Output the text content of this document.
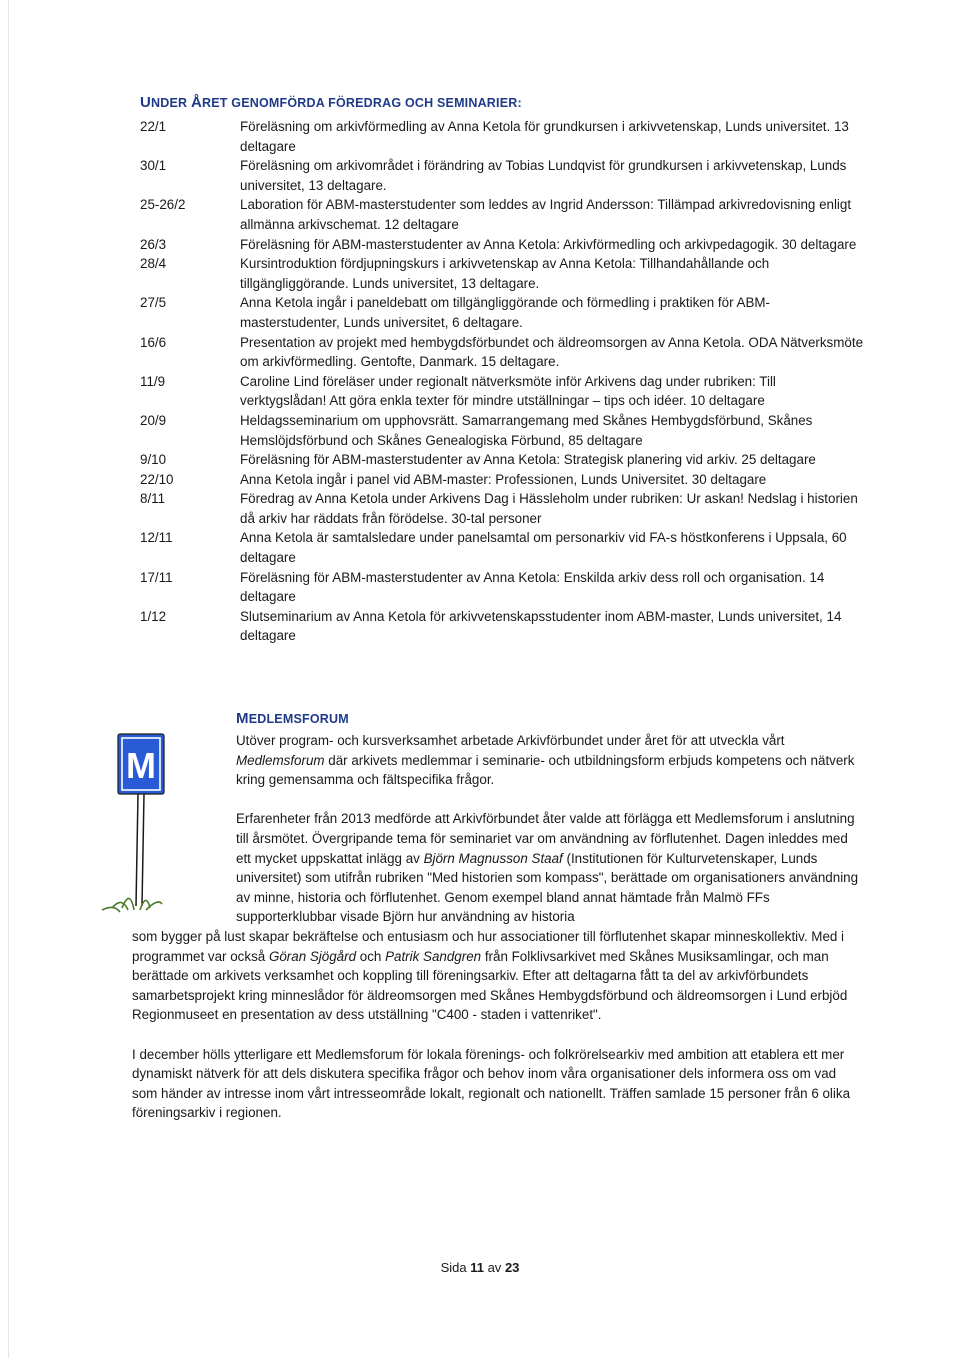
UNDER ÅRET GENOMFÖRDA FÖREDRAG OCH SEMINARIER:
22/1	Föreläsning om arkivförmedling av Anna Ketola för grundkursen i arkivvetenskap, Lunds universitet. 13 deltagare
30/1	Föreläsning om arkivområdet i förändring av Tobias Lundqvist för grundkursen i arkivvetenskap, Lunds universitet, 13 deltagare.
25-26/2	Laboration för ABM-masterstudenter som leddes av Ingrid Andersson: Tillämpad arkivredovisning enligt allmänna arkivschemat. 12 deltagare
26/3	Föreläsning för ABM-masterstudenter av Anna Ketola: Arkivförmedling och arkivpedagogik. 30 deltagare
28/4	Kursintroduktion fördjupningskurs i arkivvetenskap av Anna Ketola: Tillhandahållande och tillgängliggörande. Lunds universitet, 13 deltagare.
27/5	Anna Ketola ingår i paneldebatt om tillgängliggörande och förmedling i praktiken för ABM-masterstudenter, Lunds universitet, 6 deltagare.
16/6	Presentation av projekt med hembygdsförbundet och äldreomsorgen av Anna Ketola. ODA Nätverksmöte om arkivförmedling. Gentofte, Danmark. 15 deltagare.
11/9	Caroline Lind föreläser under regionalt nätverksmöte inför Arkivens dag under rubriken: Till verktygslådan! Att göra enkla texter för mindre utställningar – tips och idéer. 10 deltagare
20/9	Heldagsseminarium om upphovsrätt. Samarrangemang med Skånes Hembygdsförbund, Skånes Hemslöjdsförbund och Skånes Genealogiska Förbund, 85 deltagare
9/10	Föreläsning för ABM-masterstudenter av Anna Ketola: Strategisk planering vid arkiv. 25 deltagare
22/10	Anna Ketola ingår i panel vid ABM-master: Professionen, Lunds Universitet. 30 deltagare
8/11	Föredrag av Anna Ketola under Arkivens Dag i Hässleholm under rubriken: Ur askan! Nedslag i historien då arkiv har räddats från förödelse. 30-tal personer
12/11	Anna Ketola är samtalsledare under panelsamtal om personarkiv vid FA-s höstkonferens i Uppsala, 60 deltagare
17/11	Föreläsning för ABM-masterstudenter av Anna Ketola: Enskilda arkiv dess roll och organisation. 14 deltagare
1/12	Slutseminarium av Anna Ketola för arkivvetenskapsstudenter inom ABM-master, Lunds universitet, 14 deltagare
MEDLEMSFORUM
M

Utöver program- och kursverksamhet arbetade Arkivförbundet under året för att utveckla vårt Medlemsforum där arkivets medlemmar i seminarie- och utbildningsform erbjuds kompetens och nätverk kring gemensamma och fältspecifika frågor.

Erfarenheter från 2013 medförde att Arkivförbundet åter valde att förlägga ett Medlemsforum i anslutning till årsmötet. Övergripande tema för seminariet var om användning av förflutenhet. Dagen inleddes med ett mycket uppskattat inlägg av Björn Magnusson Staaf (Institutionen för Kulturvetenskaper, Lunds universitet) som utifrån rubriken "Med historien som kompass", berättade om organisationers användning av minne, historia och förflutenhet. Genom exempel bland annat hämtade från Malmö FFs supporterklubbar visade Björn hur användning av historia

som bygger på lust skapar bekräftelse och entusiasm och hur associationer till förflutenhet skapar minneskollektiv. Med i programmet var också Göran Sjögård och Patrik Sandgren från Folklivsarkivet med Skånes Musiksamlingar, och man berättade om arkivets verksamhet och koppling till föreningsarkiv. Efter att deltagarna fått ta del av arkivförbundets samarbetsprojekt kring minneslådor för äldreomsorgen med Skånes Hembygdsförbund och äldreomsorgen i Lund erbjöd Regionmuseet en presentation av dess utställning "C400 - staden i vattenriket".

I december hölls ytterligare ett Medlemsforum för lokala förenings- och folkrörelsearkiv med ambition att etablera ett mer dynamiskt nätverk för att dels diskutera specifika frågor och behov inom våra organisationer dels informera oss om vad som händer av intresse inom vårt intresseområde lokalt, regionalt och nationellt. Träffen samlade 15 personer från 6 olika föreningsarkiv i regionen.

Sida 11 av 23
